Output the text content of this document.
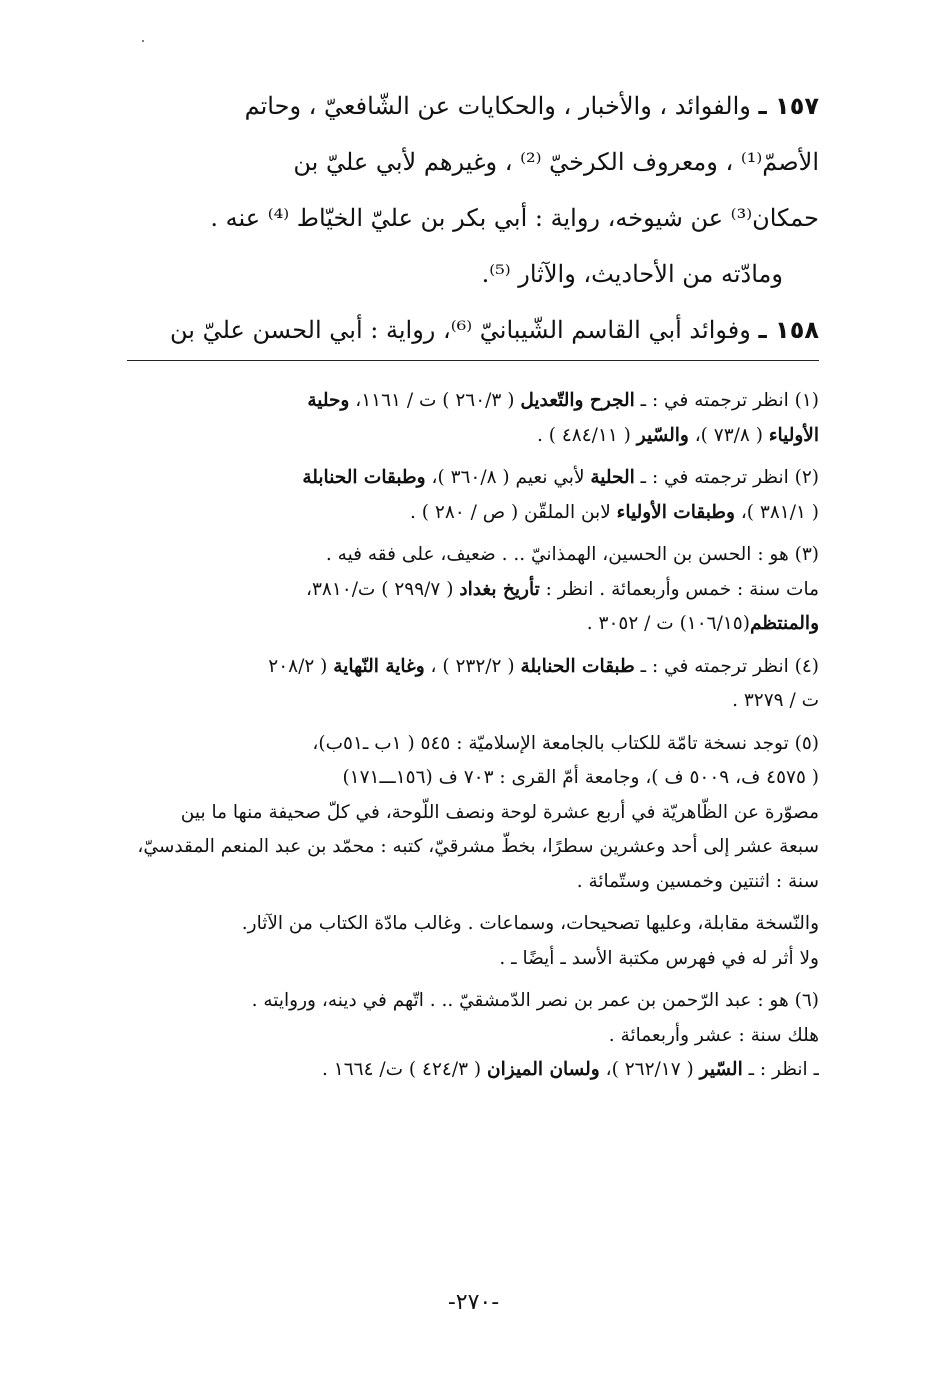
١٥٧ ـ والفوائد ، والأخبار ، والحكايات عن الشّافعيّ ، وحاتم

الأصمّ⁽¹⁾ ، ومعروف الكرخيّ ⁽²⁾ ، وغيرهم لأبي عليّ بن

حمكان⁽³⁾ عن شيوخه، رواية : أبي بكر بن عليّ الخيّاط ⁽⁴⁾ عنه .

ومادّته من الأحاديث، والآثار ⁽⁵⁾.

١٥٨ ـ وفوائد أبي القاسم الشّيبانيّ ⁽⁶⁾، رواية : أبي الحسن عليّ بن

(١) انظر ترجمته في : ـ الجرح والتّعديل ( ٢٦٠/٣ ) ت / ١١٦١، وحلية

الأولياء ( ٧٣/٨ )، والسّير ( ٤٨٤/١١ ) .

(٢) انظر ترجمته في : ـ الحلية لأبي نعيم ( ٣٦٠/٨ )، وطبقات الحنابلة

( ٣٨١/١ )، وطبقات الأولياء لابن الملقّن ( ص / ٢٨٠ ) .

(٣) هو : الحسن بن الحسين، الهمذانيّ .. . ضعيف، على فقه فيه .

مات سنة : خمس وأربعمائة . انظر : تأريخ بغداد ( ٢٩٩/٧ ) ت/٣٨١٠،

والمنتظم(١٠٦/١٥) ت / ٣٠٥٢ .

(٤) انظر ترجمته في : ـ طبقات الحنابلة ( ٢٣٢/٢ ) ، وغاية النّهاية ( ٢٠٨/٢

ت / ٣٢٧٩ .

(٥) توجد نسخة تامّة للكتاب بالجامعة الإسلاميّة : ٥٤٥ ( ١ب ـ٥١ب)،

( ٤٥٧٥ ف، ٥٠٠٩ ف )، وجامعة أمّ القرى : ٧٠٣ ف (١٥٦ـــ١٧١)

مصوّرة عن الظّاهريّة في أربع عشرة لوحة ونصف اللّوحة، في كلّ صحيفة منها ما بين

سبعة عشر إلى أحد وعشرين سطرًا، بخطّ مشرقيّ، كتبه : محمّد بن عبد المنعم المقدسيّ،

سنة : اثنتين وخمسين وستّمائة .

والنّسخة مقابلة، وعليها تصحيحات، وسماعات . وغالب مادّة الكتاب من الآثار.

ولا أثر له في فهرس مكتبة الأسد ـ أيضًا ـ .

(٦) هو : عبد الرّحمن بن عمر بن نصر الدّمشقيّ .. . اتّهم في دينه، وروايته .

هلك سنة : عشر وأربعمائة .

ـ انظر : ـ السّير ( ٢٦٢/١٧ )، ولسان الميزان ( ٤٢٤/٣ ) ت/ ١٦٦٤ .

-٢٧٠-
